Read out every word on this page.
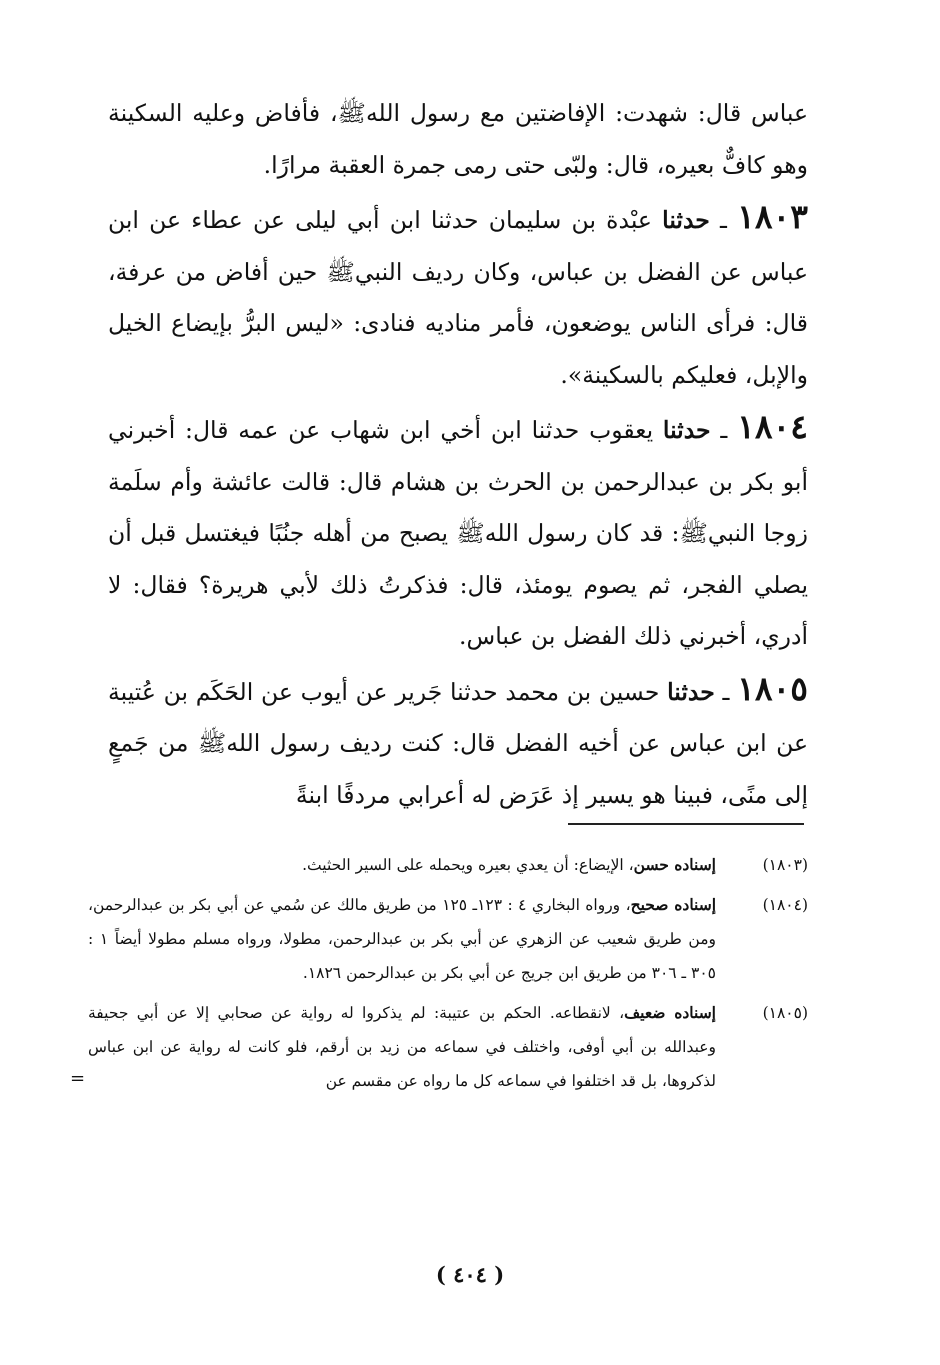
عباس قال: شهدت: الإفاضتين مع رسول اللهﷺ، فأفاض وعليه السكينة وهو كافٌّ بعيره، قال: ولبّى حتى رمى جمرة العقبة مرارًا.

١٨٠٣ ـ حدثنا عبْدة بن سليمان حدثنا ابن أبي ليلى عن عطاء عن ابن عباس عن الفضل بن عباس، وكان رديف النبيﷺ حين أفاض من عرفة، قال: فرأى الناس يوضعون، فأمر مناديه فنادى: «ليس البرُّ بإيضاع الخيل والإبل، فعليكم بالسكينة».

١٨٠٤ ـ حدثنا يعقوب حدثنا ابن أخي ابن شهاب عن عمه قال: أخبرني أبو بكر بن عبدالرحمن بن الحرث بن هشام قال: قالت عائشة وأم سلَمة زوجا النبيﷺ: قد كان رسول اللهﷺ يصبح من أهله جنُبًا فيغتسل قبل أن يصلي الفجر، ثم يصوم يومئذ، قال: فذكرتُ ذلك لأبي هريرة؟ فقال: لا أدري، أخبرني ذلك الفضل بن عباس.

١٨٠٥ ـ حدثنا حسين بن محمد حدثنا جَرير عن أيوب عن الحَكَم بن عُتيبة عن ابن عباس عن أخيه الفضل قال: كنت رديف رسول اللهﷺ من جَمعٍ إلى منًى، فبينا هو يسير إذ عَرَض له أعرابي مردفًا ابنةً

(١٨٠٣)
إسناده حسن، الإيضاع: أن يعدي بعيره ويحمله على السير الحثيث.
(١٨٠٤)
إسناده صحيح، ورواه البخاري ٤ : ١٢٣ـ ١٢٥ من طريق مالك عن سُمي عن أبي بكر بن عبدالرحمن، ومن طريق شعيب عن الزهري عن أبي بكر بن عبدالرحمن، مطولا، ورواه مسلم مطولا أيضاً ١ : ٣٠٥ ـ ٣٠٦ من طريق ابن جريج عن أبي بكر بن عبدالرحمن ١٨٢٦.
(١٨٠٥)
إسناده ضعيف، لانقطاعه. الحكم بن عتيبة: لم يذكروا له رواية عن صحابي إلا عن أبي جحيفة وعبدالله بن أبي أوفى، واختلف في سماعه من زيد بن أرقم، فلو كانت له رواية عن ابن عباس لذكروها، بل قد اختلفوا في سماعه كل ما رواه عن مقسم عن
=
( ٤٠٤ )
